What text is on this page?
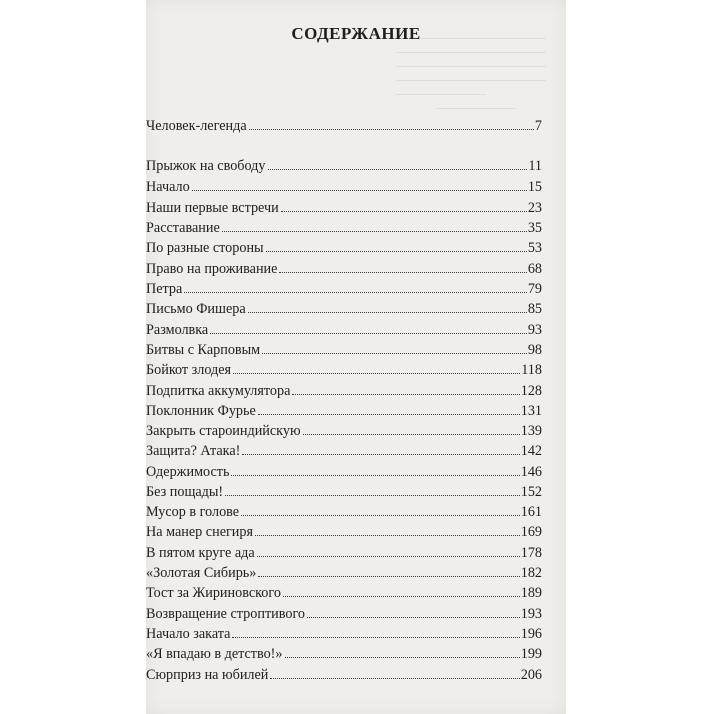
СОДЕРЖАНИЕ
Человек-легенда	7
Прыжок на свободу	11
Начало	15
Наши первые встречи	23
Расставание	35
По разные стороны	53
Право на проживание	68
Петра	79
Письмо Фишера	85
Размолвка	93
Битвы с Карповым	98
Бойкот злодея	118
Подпитка аккумулятора	128
Поклонник Фурье	131
Закрыть староиндийскую	139
Защита? Атака!	142
Одержимость	146
Без пощады!	152
Мусор в голове	161
На манер снегиря	169
В пятом круге ада	178
«Золотая Сибирь»	182
Тост за Жириновского	189
Возвращение строптивого	193
Начало заката	196
«Я впадаю в детство!»	199
Сюрприз на юбилей	206
